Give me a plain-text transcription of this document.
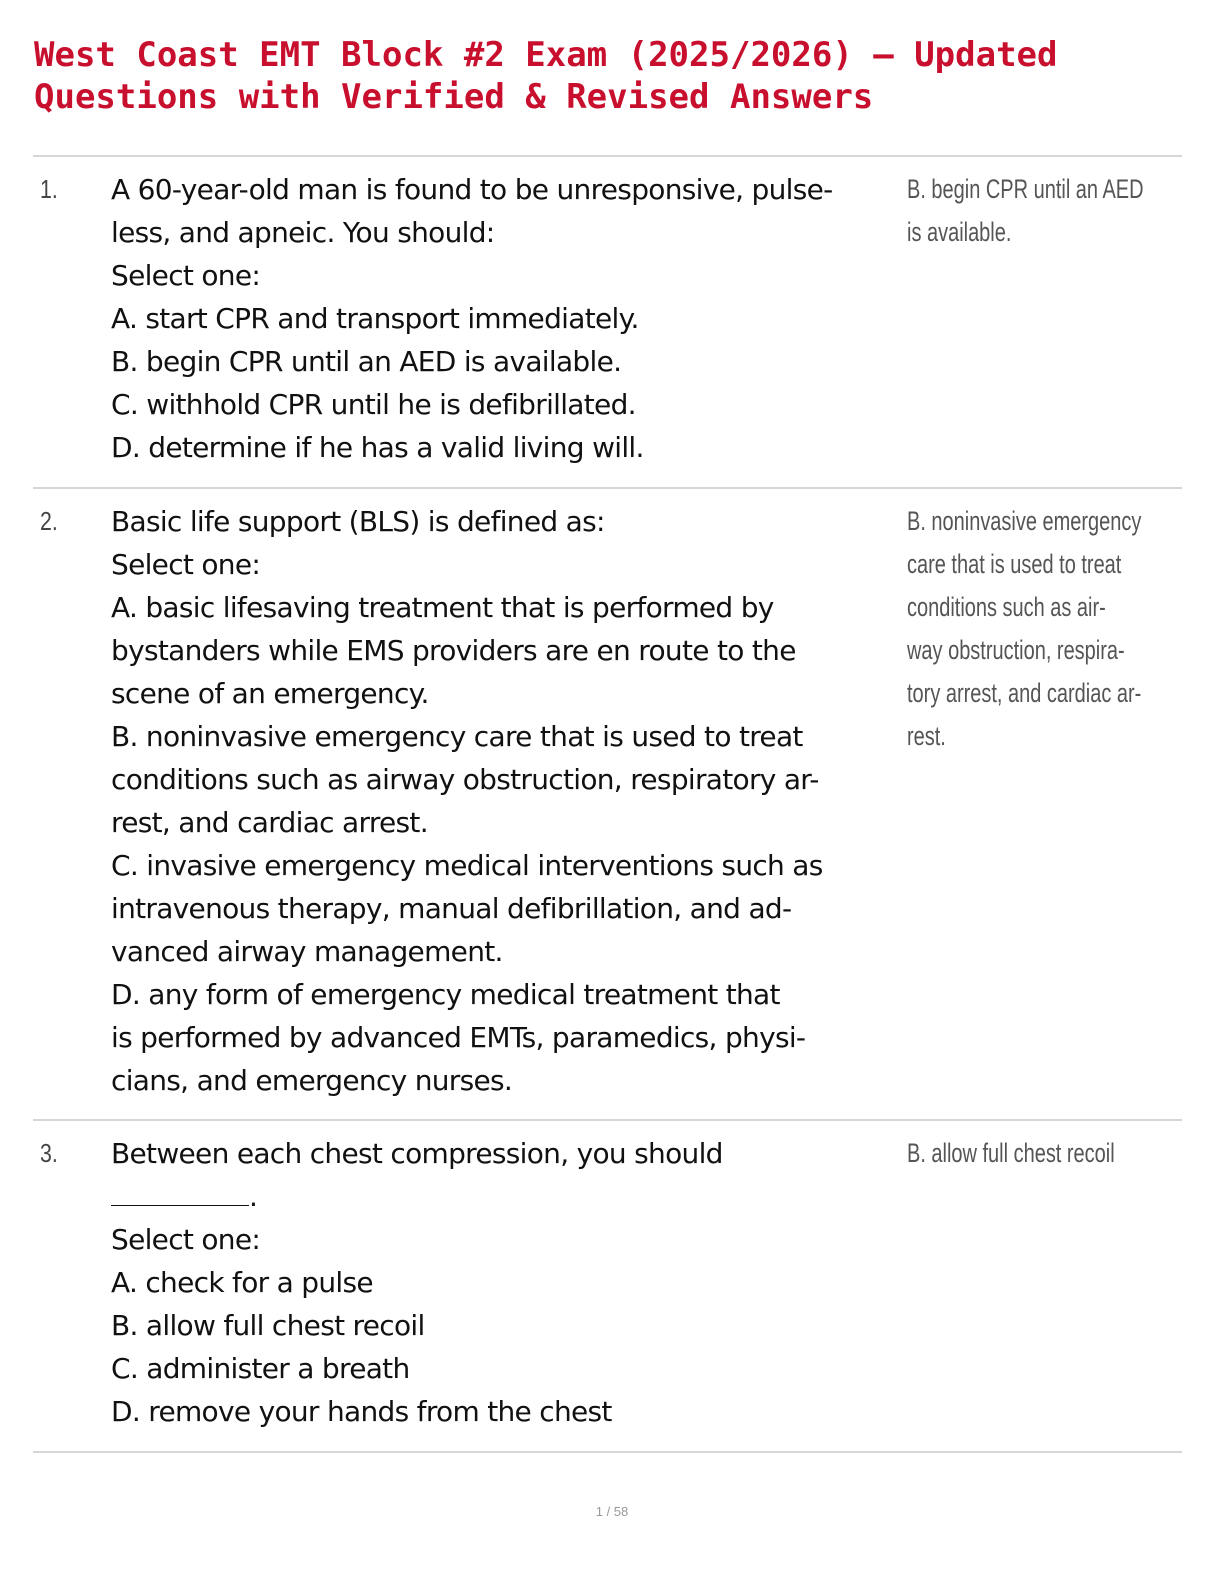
West Coast EMT Block #2 Exam (2025/2026) – Updated
Questions with Verified & Revised Answers
1. A 60-year-old man is found to be unresponsive, pulse-
less, and apneic. You should:
Select one:
A. start CPR and transport immediately.
B. begin CPR until an AED is available.
C. withhold CPR until he is defibrillated.
D. determine if he has a valid living will.
B. begin CPR until an AED
is available.
2. Basic life support (BLS) is defined as:
Select one:
A. basic lifesaving treatment that is performed by
bystanders while EMS providers are en route to the
scene of an emergency.
B. noninvasive emergency care that is used to treat
conditions such as airway obstruction, respiratory ar-
rest, and cardiac arrest.
C. invasive emergency medical interventions such as
intravenous therapy, manual defibrillation, and ad-
vanced airway management.
D. any form of emergency medical treatment that
is performed by advanced EMTs, paramedics, physi-
cians, and emergency nurses.
B. noninvasive emergency
care that is used to treat
conditions such as air-
way obstruction, respira-
tory arrest, and cardiac ar-
rest.
3. Between each chest compression, you should
.
Select one:
A. check for a pulse
B. allow full chest recoil
C. administer a breath
D. remove your hands from the chest
B. allow full chest recoil
1 / 58
